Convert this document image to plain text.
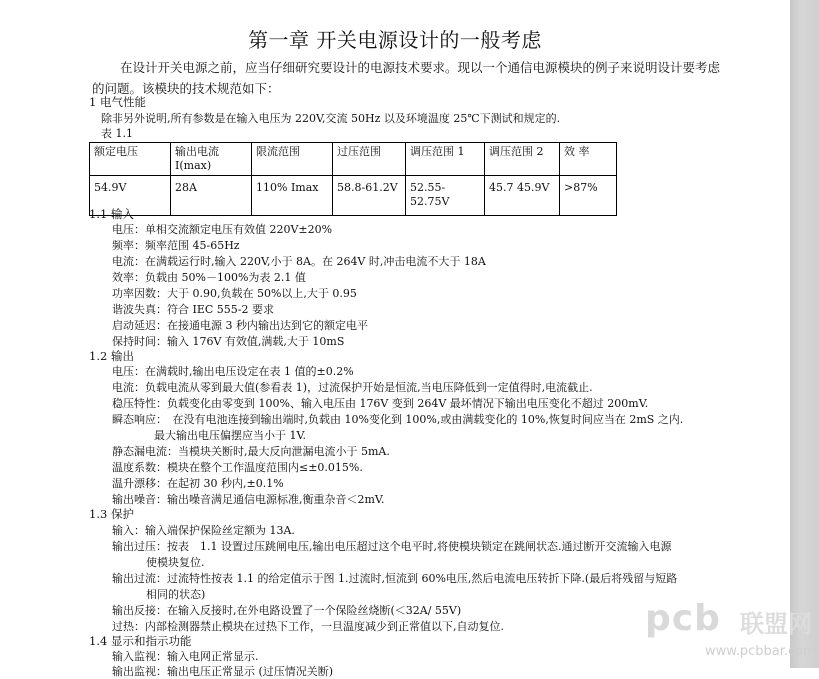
第一章 开关电源设计的一般考虑
在设计开关电源之前，应当仔细研究要设计的电源技术要求。现以一个通信电源模块的例子来说明设计要考虑的问题。该模块的技术规范如下：
1 电气性能
除非另外说明,所有参数是在输入电压为 220V,交流 50Hz 以及环境温度 25℃下测试和规定的.
表 1.1
额定电压	输出电流 I(max)	限流范围	过压范围	调压范围 1	调压范围 2	效 率
54.9V	28A	110% Imax	58.8-61.2V	52.55-52.75V	45.7 45.9V	>87%
1.1 输入
电压：单相交流额定电压有效值 220V±20%
频率：频率范围 45-65Hz
电流：在满载运行时,输入 220V,小于 8A。在 264V 时,冲击电流不大于 18A
效率：负载由 50%－100%为表 2.1 值
功率因数：大于 0.90,负载在 50%以上,大于 0.95
谐波失真：符合 IEC 555-2 要求
启动延迟：在接通电源 3 秒内输出达到它的额定电平
保持时间：输入 176V 有效值,满载,大于 10mS
1.2 输出
电压：在满载时,输出电压设定在表 1 值的±0.2%
电流：负载电流从零到最大值(参看表 1)，过流保护开始是恒流,当电压降低到一定值得时,电流截止.
稳压特性：负载变化由零变到 100%、输入电压由 176V 变到 264V 最坏情况下输出电压变化不超过 200mV.
瞬态响应：　在没有电池连接到输出端时,负载由 10%变化到 100%,或由满载变化的 10%,恢复时间应当在 2mS 之内.
最大输出电压偏摆应当小于 1V.
静态漏电流：当模块关断时,最大反向泄漏电流小于 5mA.
温度系数：模块在整个工作温度范围内≤±0.015%.
温升漂移：在起初 30 秒内,±0.1%
输出噪音：输出噪音满足通信电源标准,衡重杂音＜2mV.
1.3 保护
输入：输入端保护保险丝定额为 13A.
输出过压：按表　1.1 设置过压跳闸电压,输出电压超过这个电平时,将使模块锁定在跳闸状态.通过断开交流输入电源
使模块复位.
输出过流：过流特性按表 1.1 的给定值示于图 1.过流时,恒流到 60%电压,然后电流电压转折下降.(最后将残留与短路
相同的状态)
输出反接：在输入反接时,在外电路设置了一个保险丝烧断(＜32A/ 55V)
过热：内部检测器禁止模块在过热下工作，一旦温度减少到正常值以下,自动复位.
1.4 显示和指示功能
输入监视：输入电网正常显示.
输出监视：输出电压正常显示 (过压情况关断)
pcb 联盟网
www.pcbbar.com
